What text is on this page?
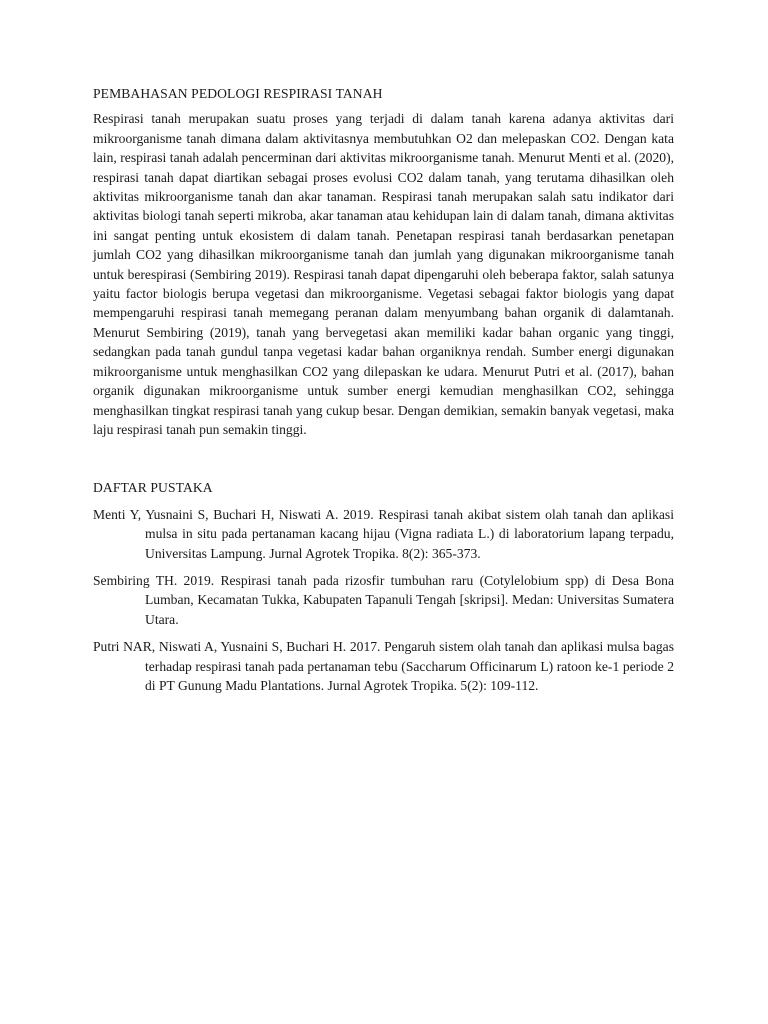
PEMBAHASAN PEDOLOGI RESPIRASI TANAH

Respirasi tanah merupakan suatu proses yang terjadi di dalam tanah karena adanya aktivitas dari mikroorganisme tanah dimana dalam aktivitasnya membutuhkan O2 dan melepaskan CO2. Dengan kata lain, respirasi tanah adalah pencerminan dari aktivitas mikroorganisme tanah. Menurut Menti et al. (2020), respirasi tanah dapat diartikan sebagai proses evolusi CO2 dalam tanah, yang terutama dihasilkan oleh aktivitas mikroorganisme tanah dan akar tanaman. Respirasi tanah merupakan salah satu indikator dari aktivitas biologi tanah seperti mikroba, akar tanaman atau kehidupan lain di dalam tanah, dimana aktivitas ini sangat penting untuk ekosistem di dalam tanah. Penetapan respirasi tanah berdasarkan penetapan jumlah CO2 yang dihasilkan mikroorganisme tanah dan jumlah yang digunakan mikroorganisme tanah untuk berespirasi (Sembiring 2019). Respirasi tanah dapat dipengaruhi oleh beberapa faktor, salah satunya yaitu factor biologis berupa vegetasi dan mikroorganisme. Vegetasi sebagai faktor biologis yang dapat mempengaruhi respirasi tanah memegang peranan dalam menyumbang bahan organik di dalamtanah. Menurut Sembiring (2019), tanah yang bervegetasi akan memiliki kadar bahan organic yang tinggi, sedangkan pada tanah gundul tanpa vegetasi kadar bahan organiknya rendah. Sumber energi digunakan mikroorganisme untuk menghasilkan CO2 yang dilepaskan ke udara. Menurut Putri et al. (2017), bahan organik digunakan mikroorganisme untuk sumber energi kemudian menghasilkan CO2, sehingga menghasilkan tingkat respirasi tanah yang cukup besar. Dengan demikian, semakin banyak vegetasi, maka laju respirasi tanah pun semakin tinggi.

DAFTAR PUSTAKA

Menti Y, Yusnaini S, Buchari H, Niswati A. 2019. Respirasi tanah akibat sistem olah tanah dan aplikasi mulsa in situ pada pertanaman kacang hijau (Vigna radiata L.) di laboratorium lapang terpadu, Universitas Lampung. Jurnal Agrotek Tropika. 8(2): 365-373.
Sembiring TH. 2019. Respirasi tanah pada rizosfir tumbuhan raru (Cotylelobium spp) di Desa Bona Lumban, Kecamatan Tukka, Kabupaten Tapanuli Tengah [skripsi]. Medan: Universitas Sumatera Utara.
Putri NAR, Niswati A, Yusnaini S, Buchari H. 2017. Pengaruh sistem olah tanah dan aplikasi mulsa bagas terhadap respirasi tanah pada pertanaman tebu (Saccharum Officinarum L) ratoon ke-1 periode 2 di PT Gunung Madu Plantations. Jurnal Agrotek Tropika. 5(2): 109-112.
